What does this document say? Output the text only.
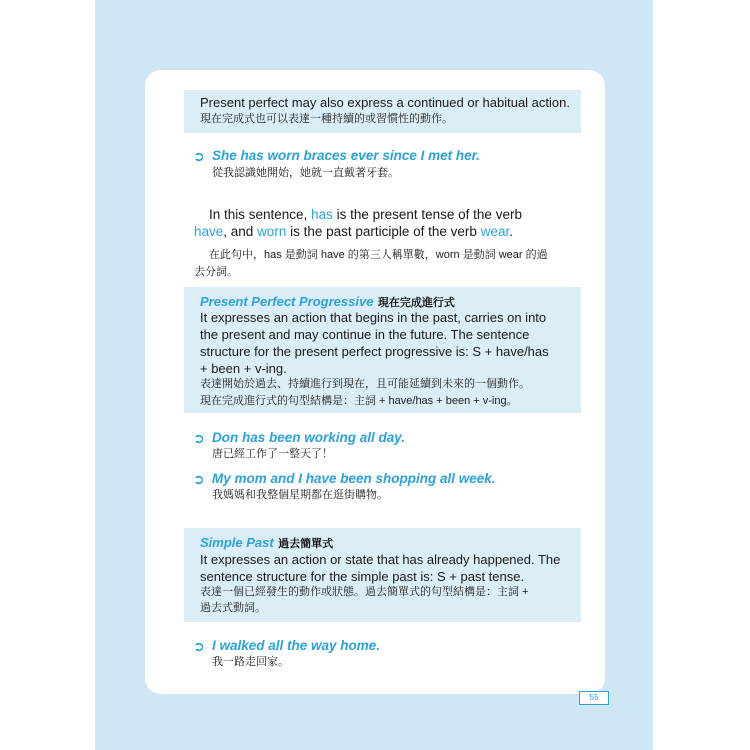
Present perfect may also express a continued or habitual action.
現在完成式也可以表達一種持續的或習慣性的動作。
➲ She has worn braces ever since I met her.
從我認識她開始，她就一直戴著牙套。
In this sentence, has is the present tense of the verb
have, and worn is the past participle of the verb wear.
在此句中，has 是動詞 have 的第三人稱單數，worn 是動詞 wear 的過
去分詞。
Present Perfect Progressive 現在完成進行式
It expresses an action that begins in the past, carries on into
the present and may continue in the future. The sentence
structure for the present perfect progressive is: S + have/has
+ been + v-ing.
表達開始於過去、持續進行到現在，且可能延續到未來的一個動作。
現在完成進行式的句型結構是：主詞 + have/has + been + v-ing。
➲ Don has been working all day.
唐已經工作了一整天了！
➲ My mom and I have been shopping all week.
我媽媽和我整個星期都在逛街購物。
Simple Past 過去簡單式
It expresses an action or state that has already happened. The
sentence structure for the simple past is: S + past tense.
表達一個已經發生的動作或狀態。過去簡單式的句型結構是：主詞 +
過去式動詞。
➲ I walked all the way home.
我一路走回家。
55
